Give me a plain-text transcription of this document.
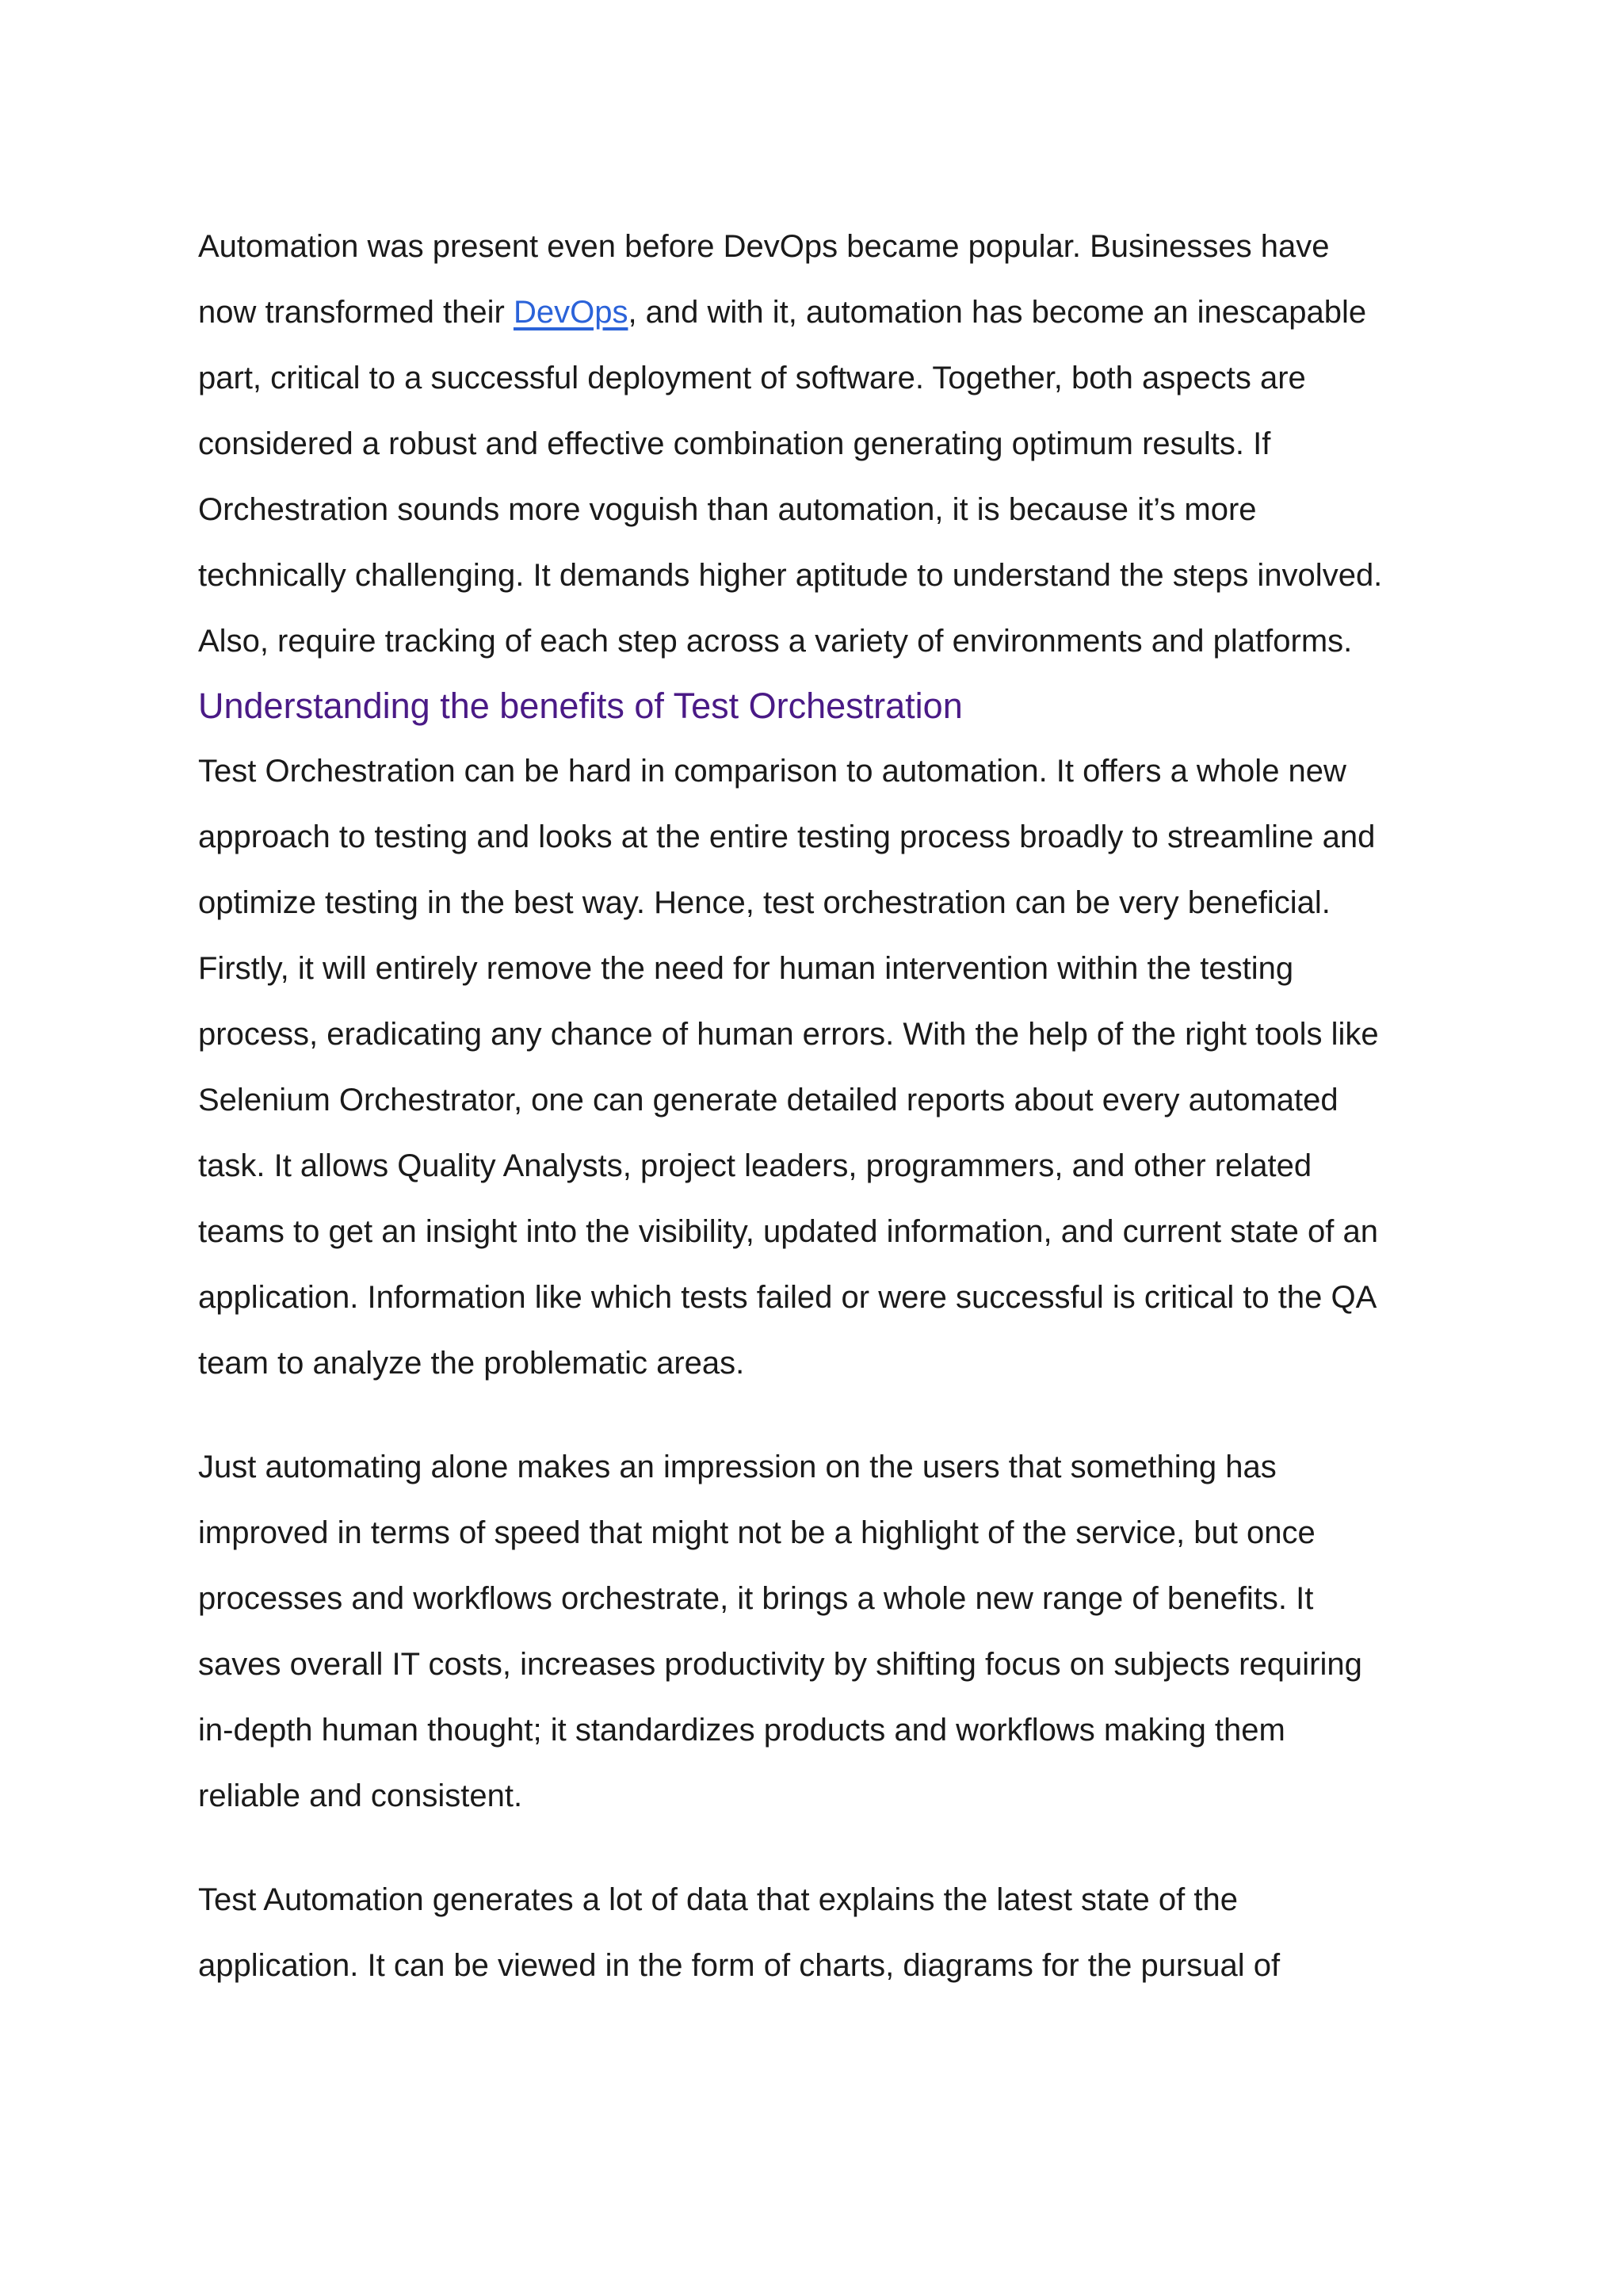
Automation was present even before DevOps became popular. Businesses have
now transformed their DevOps, and with it, automation has become an inescapable
part, critical to a successful deployment of software. Together, both aspects are
considered a robust and effective combination generating optimum results. If
Orchestration sounds more voguish than automation, it is because it’s more
technically challenging. It demands higher aptitude to understand the steps involved.
Also, require tracking of each step across a variety of environments and platforms.

Understanding the benefits of Test Orchestration

Test Orchestration can be hard in comparison to automation. It offers a whole new
approach to testing and looks at the entire testing process broadly to streamline and
optimize testing in the best way. Hence, test orchestration can be very beneficial.
Firstly, it will entirely remove the need for human intervention within the testing
process, eradicating any chance of human errors. With the help of the right tools like
Selenium Orchestrator, one can generate detailed reports about every automated
task. It allows Quality Analysts, project leaders, programmers, and other related
teams to get an insight into the visibility, updated information, and current state of an
application. Information like which tests failed or were successful is critical to the QA
team to analyze the problematic areas.

Just automating alone makes an impression on the users that something has
improved in terms of speed that might not be a highlight of the service, but once
processes and workflows orchestrate, it brings a whole new range of benefits. It
saves overall IT costs, increases productivity by shifting focus on subjects requiring
in-depth human thought; it standardizes products and workflows making them
reliable and consistent.

Test Automation generates a lot of data that explains the latest state of the
application. It can be viewed in the form of charts, diagrams for the pursual of
